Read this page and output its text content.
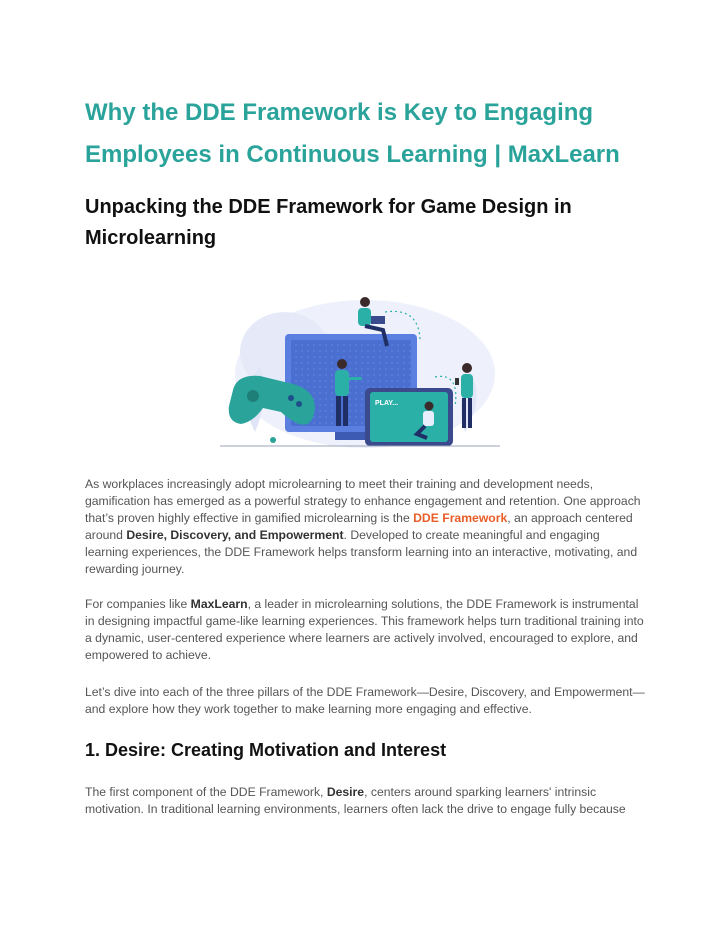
Why the DDE Framework is Key to Engaging Employees in Continuous Learning | MaxLearn
Unpacking the DDE Framework for Game Design in Microlearning
PLAY...

As workplaces increasingly adopt microlearning to meet their training and development needs, gamification has emerged as a powerful strategy to enhance engagement and retention. One approach that’s proven highly effective in gamified microlearning is the DDE Framework, an approach centered around Desire, Discovery, and Empowerment. Developed to create meaningful and engaging learning experiences, the DDE Framework helps transform learning into an interactive, motivating, and rewarding journey.

For companies like MaxLearn, a leader in microlearning solutions, the DDE Framework is instrumental in designing impactful game-like learning experiences. This framework helps turn traditional training into a dynamic, user-centered experience where learners are actively involved, encouraged to explore, and empowered to achieve.

Let’s dive into each of the three pillars of the DDE Framework—Desire, Discovery, and Empowerment—and explore how they work together to make learning more engaging and effective.

1. Desire: Creating Motivation and Interest

The first component of the DDE Framework, Desire, centers around sparking learners' intrinsic motivation. In traditional learning environments, learners often lack the drive to engage fully because
